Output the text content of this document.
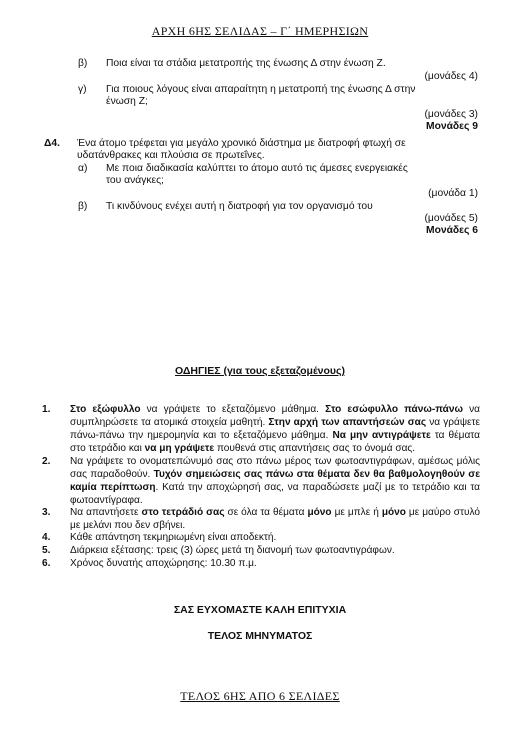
ΑΡΧΗ 6ΗΣ ΣΕΛΙΔΑΣ – Γ΄ ΗΜΕΡΗΣΙΩΝ
β) Ποια είναι τα στάδια μετατροπής της ένωσης Δ στην ένωση Ζ.
(μονάδες 4)
γ) Για ποιους λόγους είναι απαραίτητη η μετατροπή της ένωσης Δ στην
ένωση Ζ;
(μονάδες 3)
Μονάδες 9
Δ4. Ένα άτομο τρέφεται για μεγάλο χρονικό διάστημα με διατροφή φτωχή σε
υδατάνθρακες και πλούσια σε πρωτεΐνες.
α) Με ποια διαδικασία καλύπτει το άτομο αυτό τις άμεσες ενεργειακές
του ανάγκες;
(μονάδα 1)
β) Τι κινδύνους ενέχει αυτή η διατροφή για τον οργανισμό του
(μονάδες 5)
Μονάδες 6
ΟΔΗΓΙΕΣ (για τους εξεταζομένους)
1. Στο εξώφυλλο να γράψετε το εξεταζόμενο μάθημα. Στο εσώφυλλο πάνω-πάνω να συμπληρώσετε τα ατομικά στοιχεία μαθητή. Στην αρχή των απαντήσεών σας να γράψετε πάνω-πάνω την ημερομηνία και το εξεταζόμενο μάθημα. Να μην αντιγράψετε τα θέματα στο τετράδιο και να μη γράψετε πουθενά στις απαντήσεις σας το όνομά σας.
2. Να γράψετε το ονοματεπώνυμό σας στο πάνω μέρος των φωτοαντιγράφων, αμέσως μόλις σας παραδοθούν. Τυχόν σημειώσεις σας πάνω στα θέματα δεν θα βαθμολογηθούν σε καμία περίπτωση. Κατά την αποχώρησή σας, να παραδώσετε μαζί με το τετράδιο και τα φωτοαντίγραφα.
3. Να απαντήσετε στο τετράδιό σας σε όλα τα θέματα μόνο με μπλε ή μόνο με μαύρο στυλό με μελάνι που δεν σβήνει.
4. Κάθε απάντηση τεκμηριωμένη είναι αποδεκτή.
5. Διάρκεια εξέτασης: τρεις (3) ώρες μετά τη διανομή των φωτοαντιγράφων.
6. Χρόνος δυνατής αποχώρησης: 10.30 π.μ.
ΣΑΣ ΕΥΧΟΜΑΣΤΕ ΚΑΛΗ ΕΠΙΤΥΧΙΑ
ΤΕΛΟΣ ΜΗΝΥΜΑΤΟΣ
ΤΕΛΟΣ 6ΗΣ ΑΠΟ 6 ΣΕΛΙΔΕΣ
